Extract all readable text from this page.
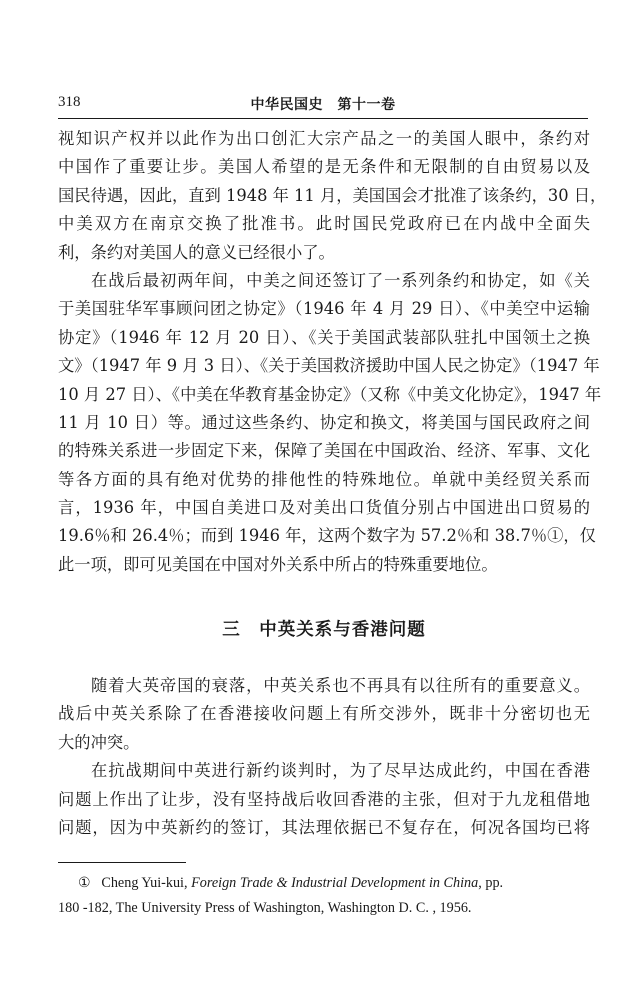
318	中华民国史　第十一卷
视知识产权并以此作为出口创汇大宗产品之一的美国人眼中，条约对
中国作了重要让步。美国人希望的是无条件和无限制的自由贸易以及
国民待遇，因此，直到 1948 年 11 月，美国国会才批准了该条约，30 日，
中美双方在南京交换了批准书。此时国民党政府已在内战中全面失
利，条约对美国人的意义已经很小了。
在战后最初两年间，中美之间还签订了一系列条约和协定，如《关
于美国驻华军事顾问团之协定》（1946 年 4 月 29 日）、《中美空中运输
协定》（1946 年 12 月 20 日）、《关于美国武装部队驻扎中国领土之换
文》（1947 年 9 月 3 日）、《关于美国救济援助中国人民之协定》（1947 年
10 月 27 日）、《中美在华教育基金协定》（又称《中美文化协定》，1947 年
11 月 10 日）等。通过这些条约、协定和换文，将美国与国民政府之间
的特殊关系进一步固定下来，保障了美国在中国政治、经济、军事、文化
等各方面的具有绝对优势的排他性的特殊地位。单就中美经贸关系而
言，1936 年，中国自美进口及对美出口货值分别占中国进出口贸易的
19.6％和 26.4％；而到 1946 年，这两个数字为 57.2％和 38.7％①，仅
此一项，即可见美国在中国对外关系中所占的特殊重要地位。
三　中英关系与香港问题
随着大英帝国的衰落，中英关系也不再具有以往所有的重要意义。
战后中英关系除了在香港接收问题上有所交涉外，既非十分密切也无
大的冲突。
在抗战期间中英进行新约谈判时，为了尽早达成此约，中国在香港
问题上作出了让步，没有坚持战后收回香港的主张，但对于九龙租借地
问题，因为中英新约的签订，其法理依据已不复存在，何况各国均已将
① Cheng Yui-kui, Foreign Trade & Industrial Development in China, pp.
180 -182, The University Press of Washington, Washington D. C. , 1956.
